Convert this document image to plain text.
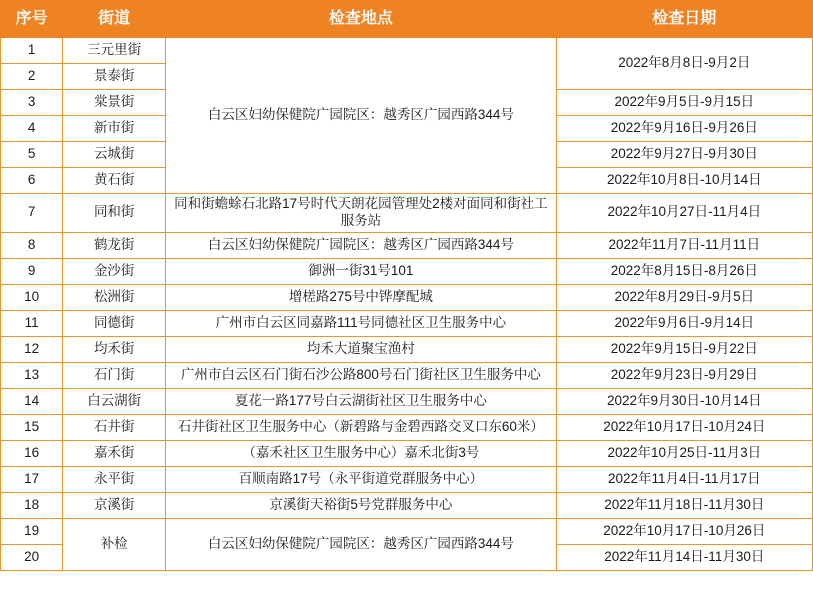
序号	街道	检查地点	检查日期
1	三元里街	白云区妇幼保健院广园院区：越秀区广园西路344号	2022年8月8日-9月2日
2	景泰街		
3	棠景街		2022年9月5日-9月15日
4	新市街		2022年9月16日-9月26日
5	云城街		2022年9月27日-9月30日
6	黄石街		2022年10月8日-10月14日
7	同和街	同和街蟾蜍石北路17号时代天朗花园管理处2楼对面同和街社工服务站	2022年10月27日-11月4日
8	鹤龙街	白云区妇幼保健院广园院区：越秀区广园西路344号	2022年11月7日-11月11日
9	金沙街	御洲一街31号101	2022年8月15日-8月26日
10	松洲街	增槎路275号中铧摩配城	2022年8月29日-9月5日
11	同德街	广州市白云区同嘉路111号同德社区卫生服务中心	2022年9月6日-9月14日
12	均禾街	均禾大道聚宝渔村	2022年9月15日-9月22日
13	石门街	广州市白云区石门街石沙公路800号石门街社区卫生服务中心	2022年9月23日-9月29日
14	白云湖街	夏花一路177号白云湖街社区卫生服务中心	2022年9月30日-10月14日
15	石井街	石井街社区卫生服务中心（新碧路与金碧西路交叉口东60米）	2022年10月17日-10月24日
16	嘉禾街	（嘉禾社区卫生服务中心）嘉禾北街3号	2022年10月25日-11月3日
17	永平街	百顺南路17号（永平街道党群服务中心）	2022年11月4日-11月17日
18	京溪街	京溪街天裕街5号党群服务中心	2022年11月18日-11月30日
19	补检	白云区妇幼保健院广园院区：越秀区广园西路344号	2022年10月17日-10月26日
20			2022年11月14日-11月30日
